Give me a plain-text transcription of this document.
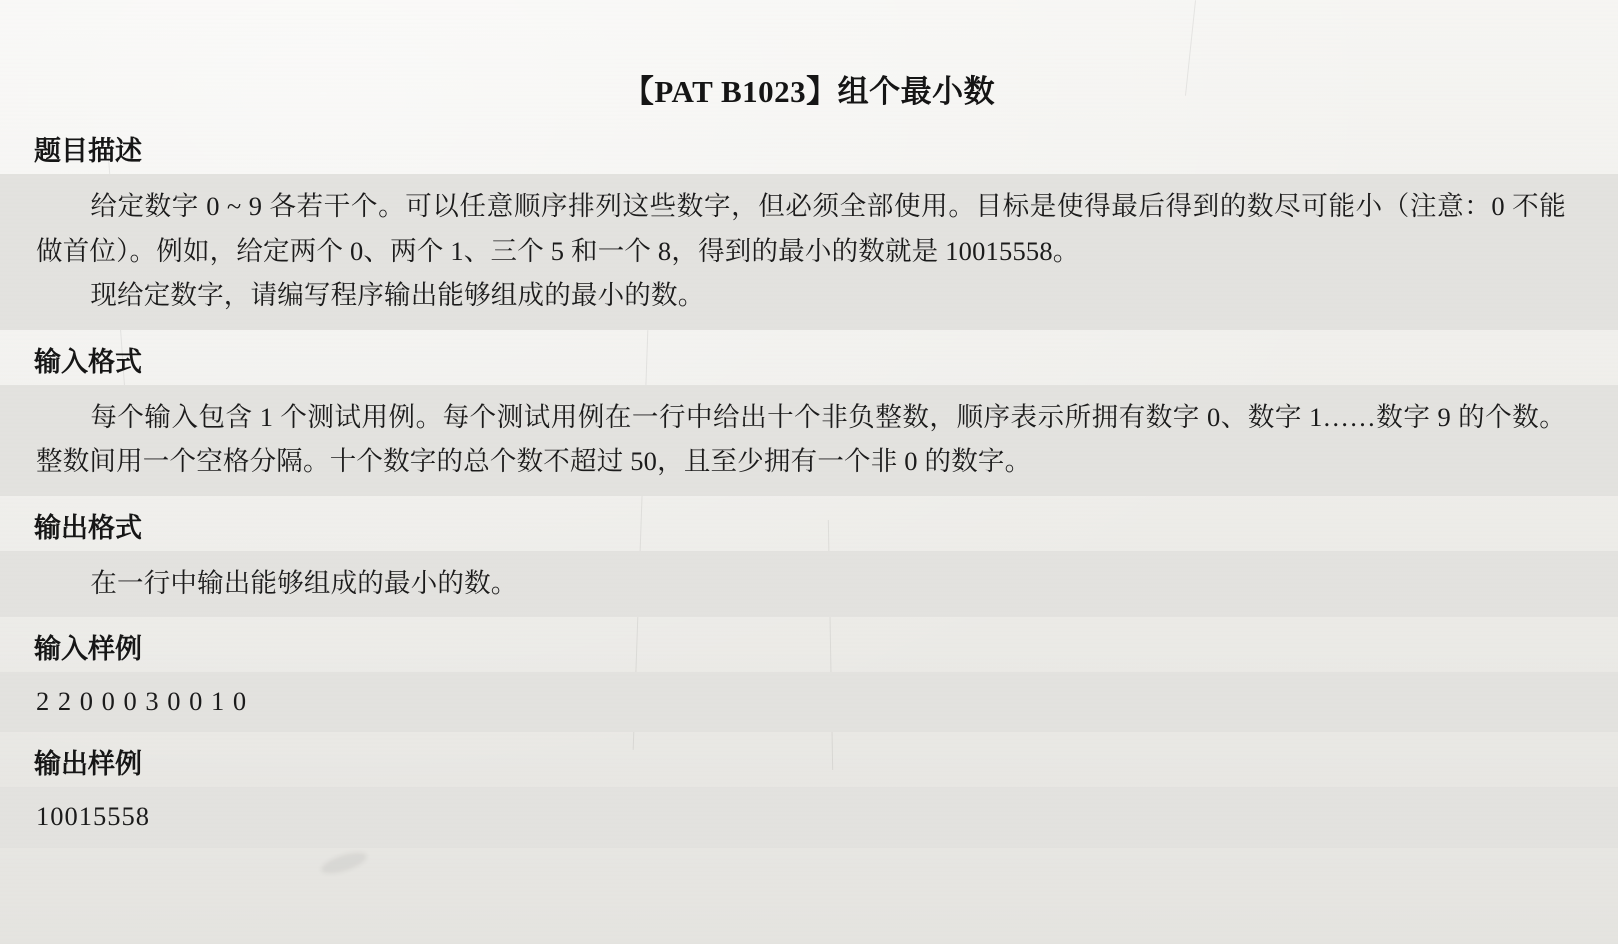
【PAT B1023】组个最小数
题目描述

给定数字 0 ~ 9 各若干个。可以任意顺序排列这些数字，但必须全部使用。目标是使得最后得到的数尽可能小（注意：0 不能做首位）。例如，给定两个 0、两个 1、三个 5 和一个 8，得到的最小的数就是 10015558。

现给定数字，请编写程序输出能够组成的最小的数。

输入格式

每个输入包含 1 个测试用例。每个测试用例在一行中给出十个非负整数，顺序表示所拥有数字 0、数字 1……数字 9 的个数。整数间用一个空格分隔。十个数字的总个数不超过 50，且至少拥有一个非 0 的数字。

输出格式

在一行中输出能够组成的最小的数。

输入样例
2 2 0 0 0 3 0 0 1 0
输出样例
10015558
